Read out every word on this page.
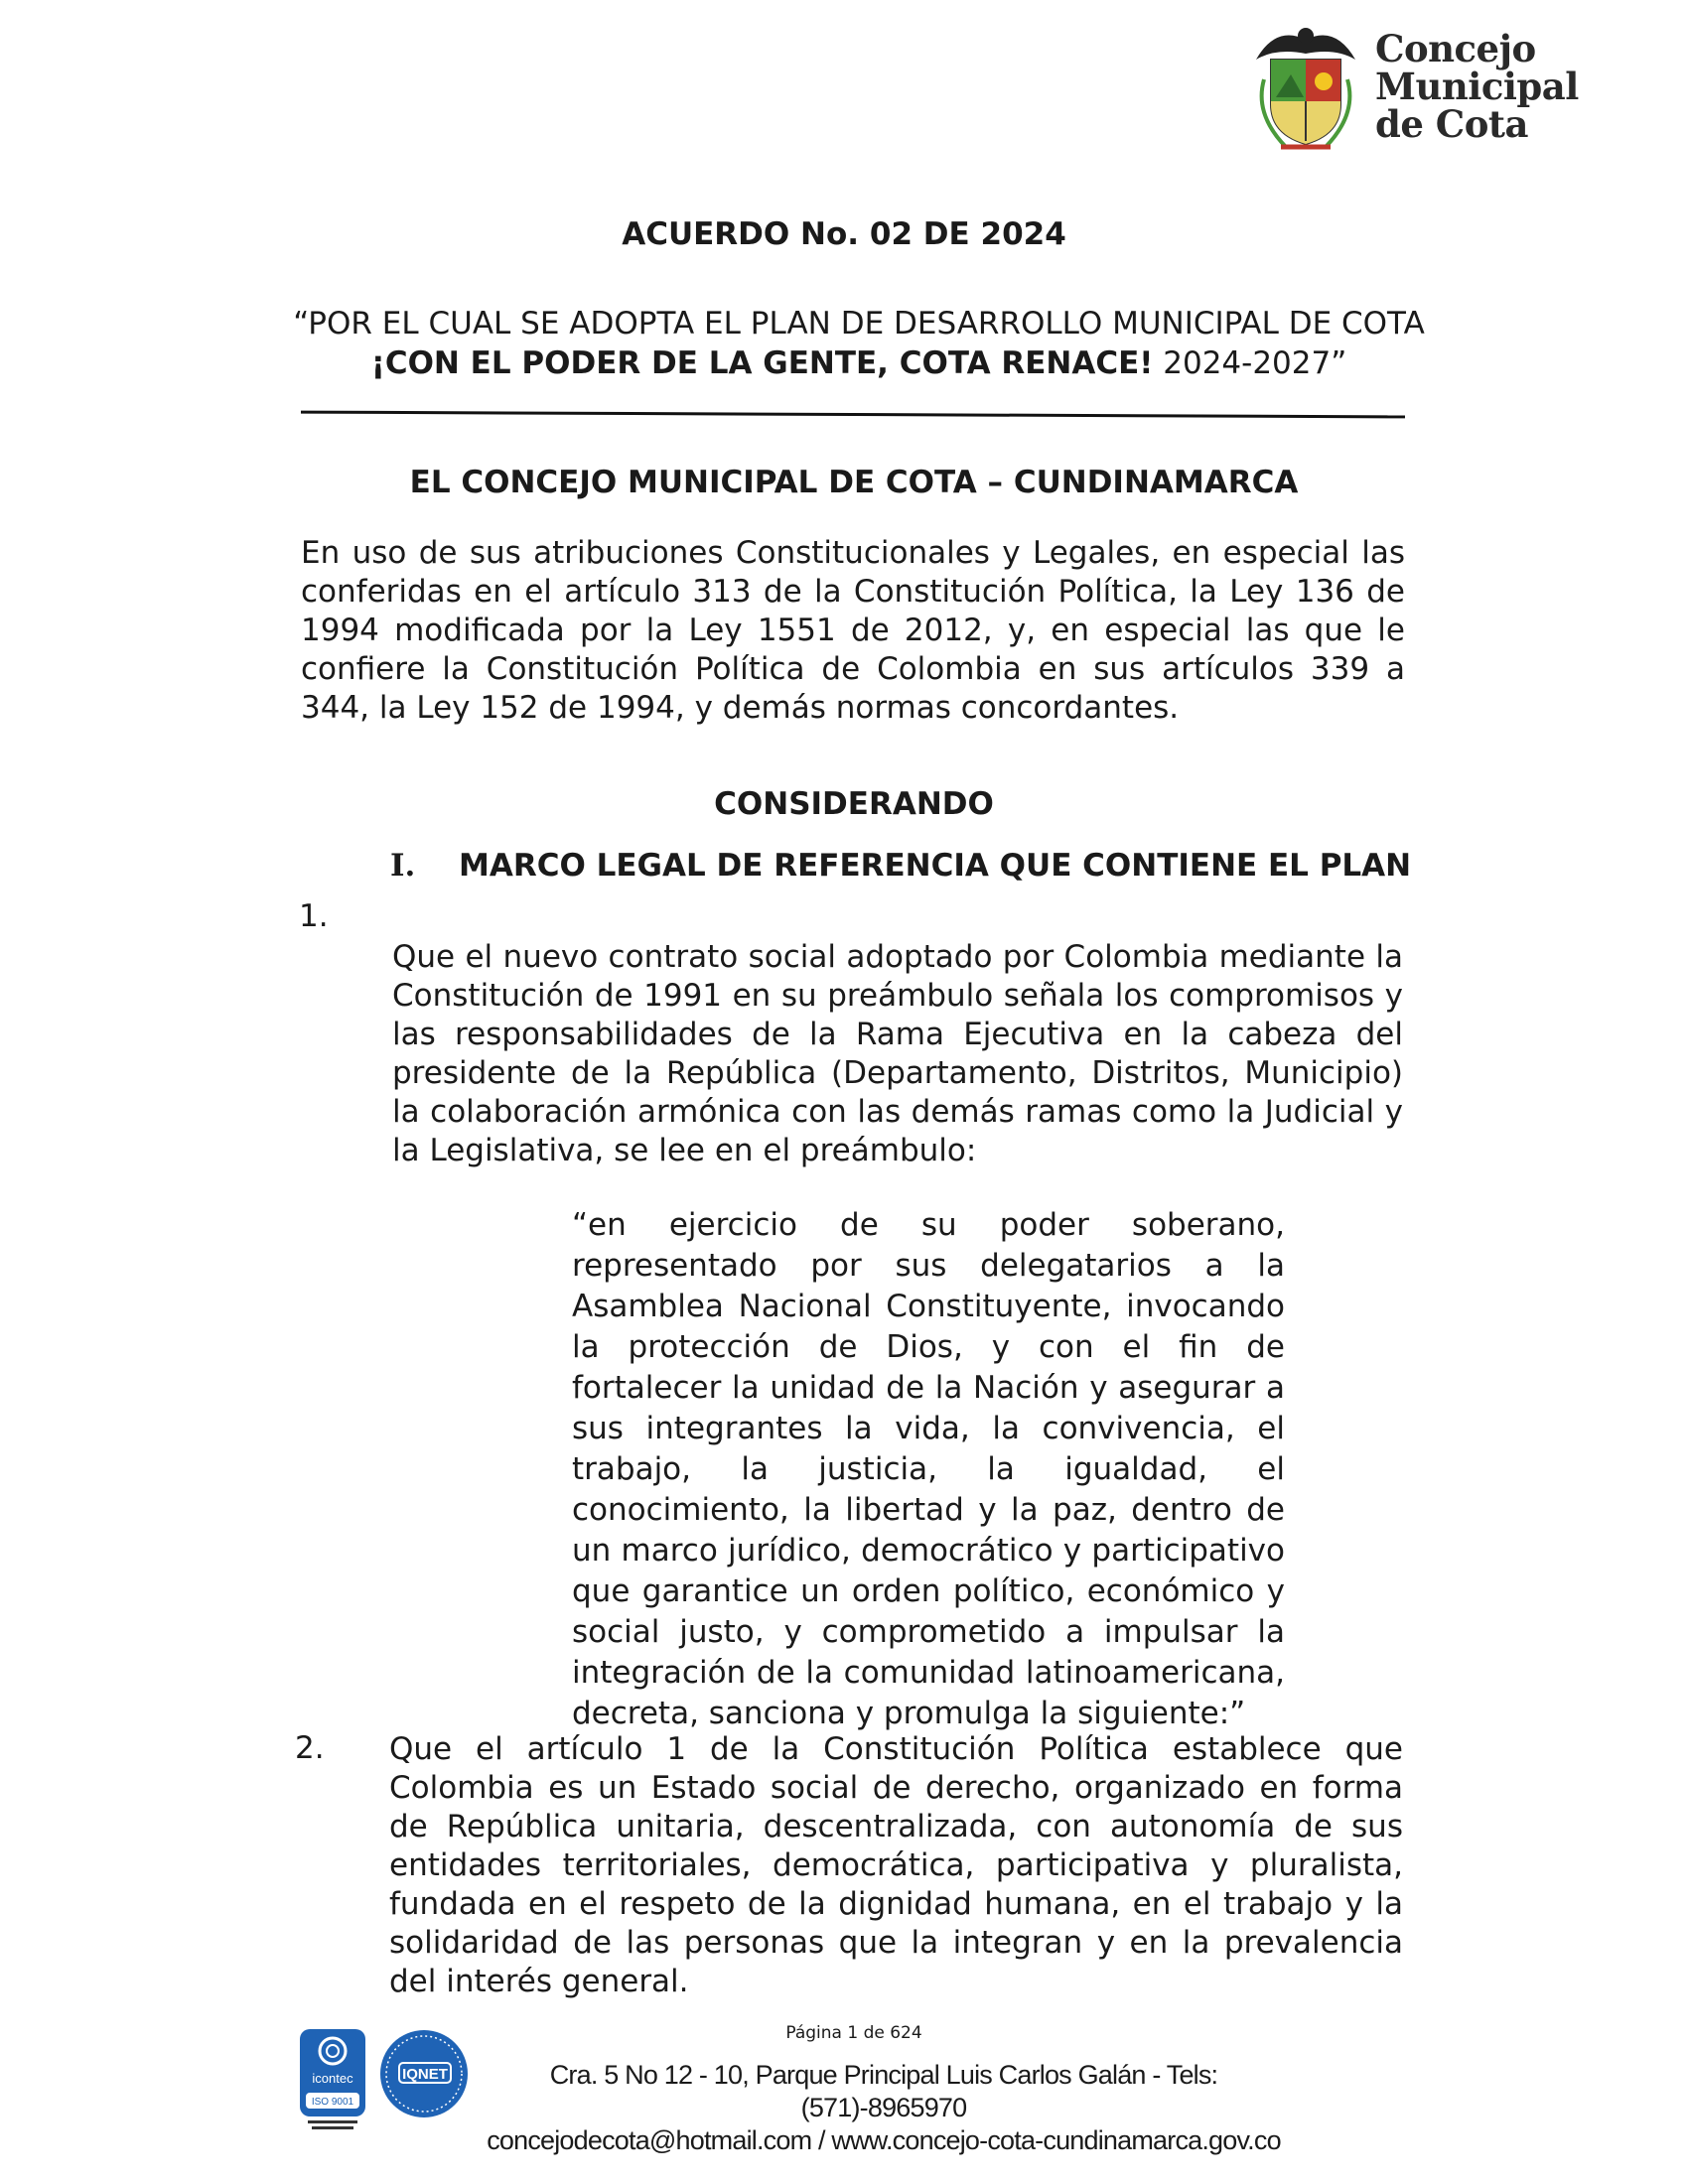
Concejo
Municipal
de Cota
ACUERDO No. 02 DE 2024
“POR EL CUAL SE ADOPTA EL PLAN DE DESARROLLO MUNICIPAL DE COTA
¡CON EL PODER DE LA GENTE, COTA RENACE! 2024-2027”
EL CONCEJO MUNICIPAL DE COTA – CUNDINAMARCA
En uso de sus atribuciones Constitucionales y Legales, en especial las conferidas en el artículo 313 de la Constitución Política, la Ley 136 de 1994 modificada por la Ley 1551 de 2012, y, en especial las que le confiere la Constitución Política de Colombia en sus artículos 339 a 344, la Ley 152 de 1994, y demás normas concordantes.
CONSIDERANDO
I. MARCO LEGAL DE REFERENCIA QUE CONTIENE EL PLAN
1.
Que el nuevo contrato social adoptado por Colombia mediante la Constitución de 1991 en su preámbulo señala los compromisos y las responsabilidades de la Rama Ejecutiva en la cabeza del presidente de la República (Departamento, Distritos, Municipio) la colaboración armónica con las demás ramas como la Judicial y la Legislativa, se lee en el preámbulo:
“en ejercicio de su poder soberano, representado por sus delegatarios a la Asamblea Nacional Constituyente, invocando la protección de Dios, y con el fin de fortalecer la unidad de la Nación y asegurar a sus integrantes la vida, la convivencia, el trabajo, la justicia, la igualdad, el conocimiento, la libertad y la paz, dentro de un marco jurídico, democrático y participativo que garantice un orden político, económico y social justo, y comprometido a impulsar la integración de la comunidad latinoamericana, decreta, sanciona y promulga la siguiente:”
2. Que el artículo 1 de la Constitución Política establece que Colombia es un Estado social de derecho, organizado en forma de República unitaria, descentralizada, con autonomía de sus entidades territoriales, democrática, participativa y pluralista, fundada en el respeto de la dignidad humana, en el trabajo y la solidaridad de las personas que la integran y en la prevalencia del interés general.
icontec
ISO 9001
IQNET
Página 1 de 624
Cra. 5 No 12 - 10, Parque Principal Luis Carlos Galán - Tels: (571)-8965970
concejodecota@hotmail.com / www.concejo-cota-cundinamarca.gov.co
